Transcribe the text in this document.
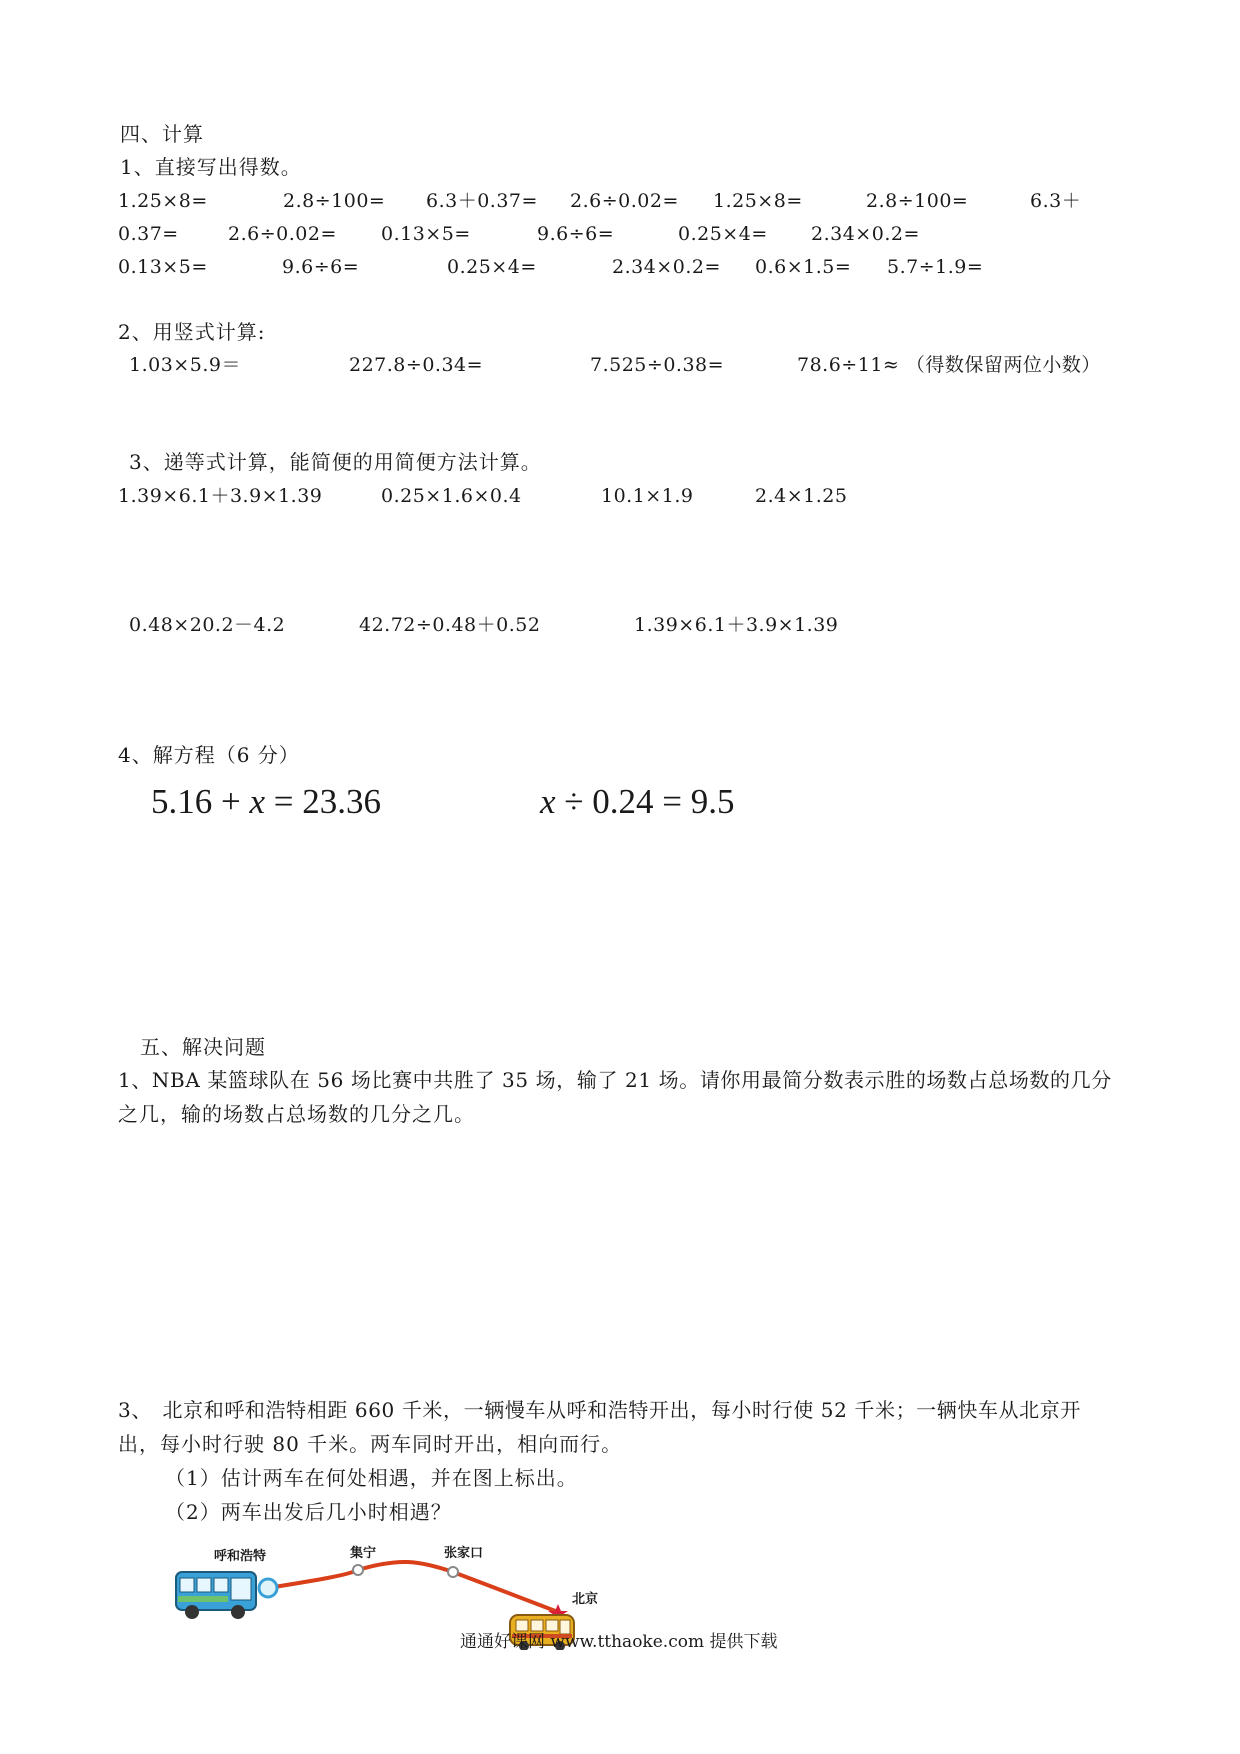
四、计算
1、直接写出得数。
1.25×8=	2.8÷100= 6.3＋0.37= 2.6÷0.02= 1.25×8=	2.8÷100=	6.3＋
0.37=	2.6÷0.02= 0.13×5=	9.6÷6=	0.25×4= 2.34×0.2=
0.13×5=	9.6÷6=	0.25×4=	2.34×0.2= 0.6×1.5= 5.7÷1.9=
2、用竖式计算:
1.03×5.9＝	227.8÷0.34=	7.525÷0.38=	78.6÷11≈ （得数保留两位小数）
3、递等式计算，能简便的用简便方法计算。
1.39×6.1＋3.9×1.39	0.25×1.6×0.4	10.1×1.9	2.4×1.25
0.48×20.2－4.2	42.72÷0.48＋0.52	1.39×6.1＋3.9×1.39
4、解方程（6 分）
5.16 + x = 23.36	x ÷ 0.24 = 9.5
五、解决问题
1、NBA 某篮球队在 56 场比赛中共胜了 35 场，输了 21 场。请你用最简分数表示胜的场数占总场数的几分
之几，输的场数占总场数的几分之几。
3、　北京和呼和浩特相距 660 千米，一辆慢车从呼和浩特开出，每小时行使 52 千米；一辆快车从北京开
出，每小时行驶 80 千米。两车同时开出，相向而行。
（1）估计两车在何处相遇，并在图上标出。
（2）两车出发后几小时相遇？
呼和浩特	集宁	张家口
北京
通通好课网 www.tthaoke.com 提供下载
